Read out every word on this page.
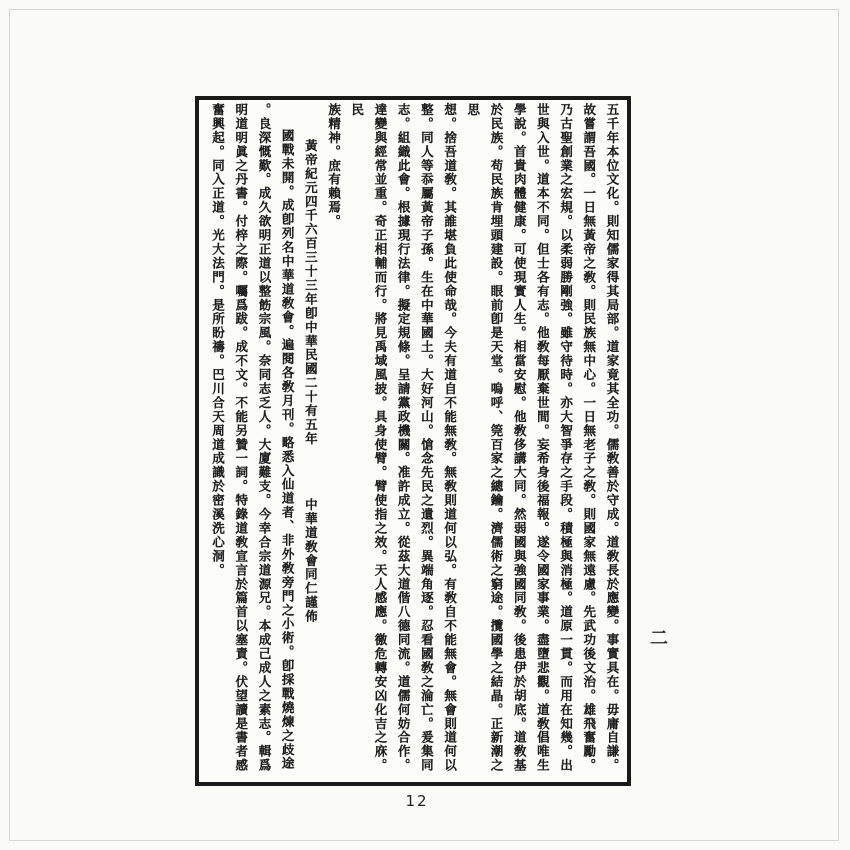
五千年本位文化。則知儒家得其局部。道家竟其全功。儒敎善於守成。道敎長於應變。事實具在。毋庸自謙。
故嘗謂吾國。一日無黃帝之敎。則民族無中心。一日無老子之敎。則國家無遠慮。先武功後文治。雄飛奮勵。
乃古聖創業之宏規。以柔弱勝剛強。雖守待時。亦大智爭存之手段。積極與消極。道原一貫。而用在知幾。出
世與入世。道本不同。但士各有志。他敎每厭棄世間。妄希身後福報。遂令國家事業。盡墮悲觀。道敎倡唯生
學說。首貴肉體健康。可使現實人生。相當安慰。他敎侈講大同。然弱國與強國同敎。後患伊於胡底。道敎基
於民族。苟民族肯埋頭建設。眼前卽是天堂。嗚呼、筦百家之總鑰。濟儒術之窮途。攬國學之結晶。正新潮之思
想。捨吾道敎。其誰堪負此使命哉。今夫有道自不能無敎。無敎則道何以弘。有敎自不能無會。無會則道何以
整。同人等忝屬黃帝子孫。生在中華國土。大好河山。愴念先民之遺烈。異端角逐。忍看國敎之淪亡。爰集同
志。組織此會。根據現行法律。擬定規條。呈請黨政機關。准許成立。從茲大道偕八德同流。道儒何妨合作。
達變與經常並重。奇正相輔而行。將見禹域風披。具身使臂。臂使指之效。天人感應。徼危轉安凶化吉之庥。民
族精神。庶有賴焉。
黃帝紀元四千六百三十三年卽中華民國二十有五年中華道敎會同仁謹佈
國戰未開。成卽列名中華道敎會。遍閱各敎月刊。略悉入仙道者、非外敎旁門之小術。卽採戰燒煉之歧途
。良深慨歎。成久欲明正道以整飭宗風。奈同志乏人。大廈難支。今幸合宗道源兄。本成己成人之素志。輯爲
明道明眞之丹書。付梓之際。囑爲跋。成不文。不能另贊一詞。特錄道敎宣言於篇首以塞責。伏望讀是書者感
奮興起。同入正道。光大法門。是所盼禱。巴川合天周道成識於密溪洗心洞。
二
12
